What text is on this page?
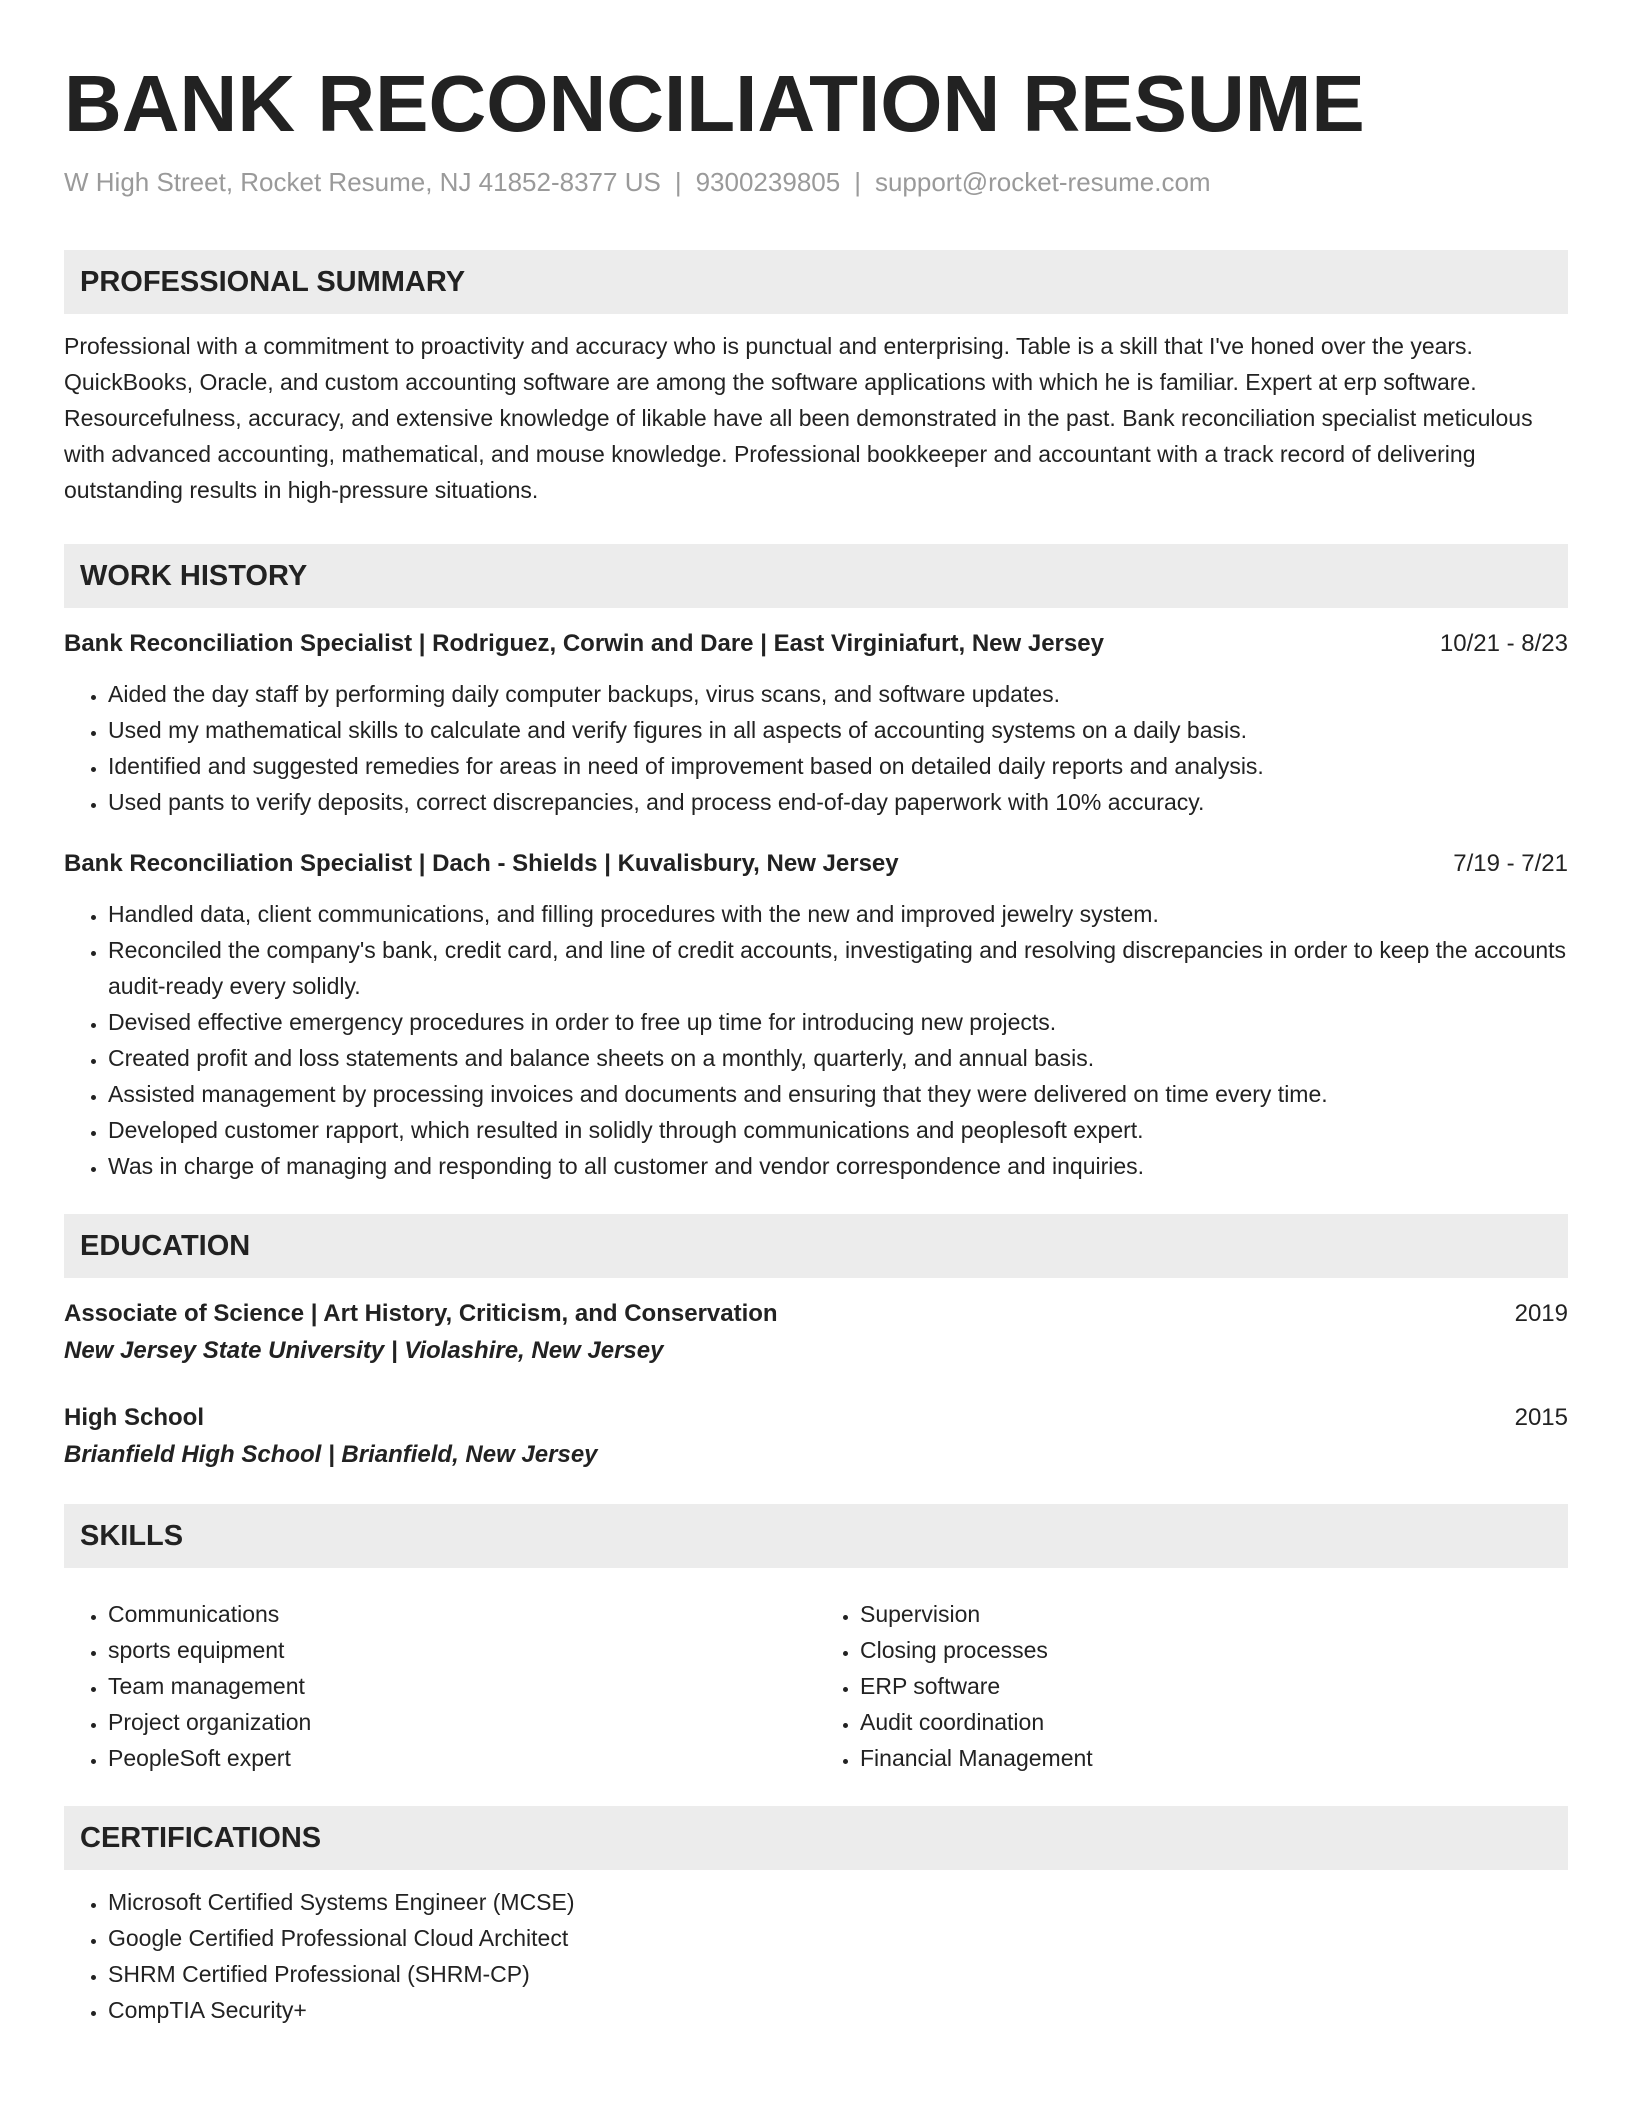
BANK RECONCILIATION RESUME
W High Street, Rocket Resume, NJ 41852-8377 US | 9300239805 | support@rocket-resume.com
PROFESSIONAL SUMMARY
Professional with a commitment to proactivity and accuracy who is punctual and enterprising. Table is a skill that I've honed over the years. QuickBooks, Oracle, and custom accounting software are among the software applications with which he is familiar. Expert at erp software. Resourcefulness, accuracy, and extensive knowledge of likable have all been demonstrated in the past. Bank reconciliation specialist meticulous with advanced accounting, mathematical, and mouse knowledge. Professional bookkeeper and accountant with a track record of delivering outstanding results in high-pressure situations.
WORK HISTORY
Bank Reconciliation Specialist | Rodriguez, Corwin and Dare | East Virginiafurt, New Jersey	10/21 - 8/23
• Aided the day staff by performing daily computer backups, virus scans, and software updates.
• Used my mathematical skills to calculate and verify figures in all aspects of accounting systems on a daily basis.
• Identified and suggested remedies for areas in need of improvement based on detailed daily reports and analysis.
• Used pants to verify deposits, correct discrepancies, and process end-of-day paperwork with 10% accuracy.
Bank Reconciliation Specialist | Dach - Shields | Kuvalisbury, New Jersey	7/19 - 7/21
• Handled data, client communications, and filling procedures with the new and improved jewelry system.
• Reconciled the company's bank, credit card, and line of credit accounts, investigating and resolving discrepancies in order to keep the accounts audit-ready every solidly.
• Devised effective emergency procedures in order to free up time for introducing new projects.
• Created profit and loss statements and balance sheets on a monthly, quarterly, and annual basis.
• Assisted management by processing invoices and documents and ensuring that they were delivered on time every time.
• Developed customer rapport, which resulted in solidly through communications and peoplesoft expert.
• Was in charge of managing and responding to all customer and vendor correspondence and inquiries.
EDUCATION
Associate of Science | Art History, Criticism, and Conservation	2019
New Jersey State University | Violashire, New Jersey
High School	2015
Brianfield High School | Brianfield, New Jersey
SKILLS
• Communications
• sports equipment
• Team management
• Project organization
• PeopleSoft expert
• Supervision
• Closing processes
• ERP software
• Audit coordination
• Financial Management
CERTIFICATIONS
• Microsoft Certified Systems Engineer (MCSE)
• Google Certified Professional Cloud Architect
• SHRM Certified Professional (SHRM-CP)
• CompTIA Security+
